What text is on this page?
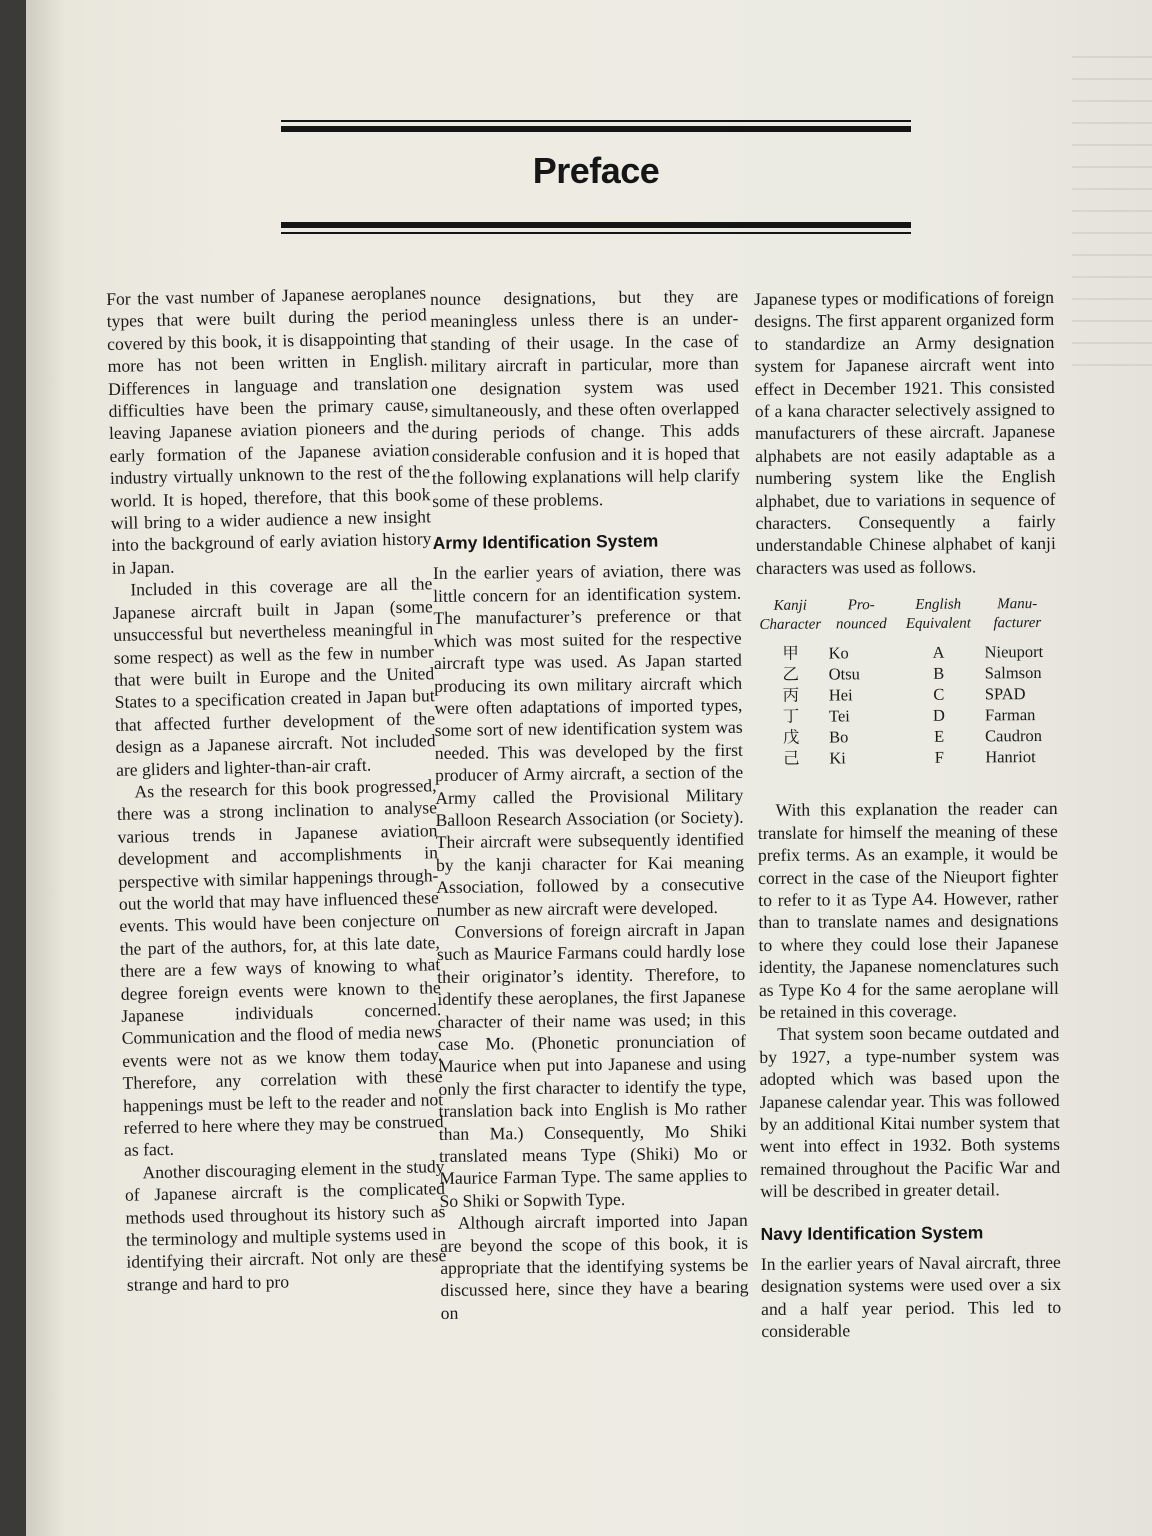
Preface

For the vast number of Japanese aeroplanes types that were built during the period covered by this book, it is disappointing that more has not been written in English. Differences in language and translation difficulties have been the primary cause, leaving Japanese aviation pioneers and the early formation of the Japanese aviation industry virtually unknown to the rest of the world. It is hoped, therefore, that this book will bring to a wider audience a new insight into the background of early aviation history in Japan.

Included in this coverage are all the Japanese aircraft built in Japan (some unsuccessful but nevertheless meaningful in some respect) as well as the few in number that were built in Europe and the United States to a specification created in Japan but that affected further development of the design as a Japanese aircraft. Not included are gliders and lighter-than-air craft.

As the research for this book progressed, there was a strong inclination to analyse various trends in Japanese aviation development and accomplishments in perspective with similar happenings throughout the world that may have influenced these events. This would have been conjecture on the part of the authors, for, at this late date, there are a few ways of knowing to what degree foreign events were known to the Japanese individuals concerned. Communication and the flood of media news events were not as we know them today. Therefore, any correlation with these happenings must be left to the reader and not referred to here where they may be construed as fact.

Another discouraging element in the study of Japanese aircraft is the complicated methods used throughout its history such as the terminology and multiple systems used in identifying their aircraft. Not only are these strange and hard to pro

nounce designations, but they are meaningless unless there is an understanding of their usage. In the case of military aircraft in particular, more than one designation system was used simultaneously, and these often overlapped during periods of change. This adds considerable confusion and it is hoped that the following explanations will help clarify some of these problems.

Army Identification System

In the earlier years of aviation, there was little concern for an identification system. The manufacturer’s preference or that which was most suited for the respective aircraft type was used. As Japan started producing its own military aircraft which were often adaptations of imported types, some sort of new identification system was needed. This was developed by the first producer of Army aircraft, a section of the Army called the Provisional Military Balloon Research Association (or Society). Their aircraft were subsequently identified by the kanji character for Kai meaning Association, followed by a consecutive number as new aircraft were developed.

Conversions of foreign aircraft in Japan such as Maurice Farmans could hardly lose their originator’s identity. Therefore, to identify these aeroplanes, the first Japanese character of their name was used; in this case Mo. (Phonetic pronunciation of Maurice when put into Japanese and using only the first character to identify the type, translation back into English is Mo rather than Ma.) Consequently, Mo Shiki translated means Type (Shiki) Mo or Maurice Farman Type. The same applies to So Shiki or Sopwith Type.

Although aircraft imported into Japan are beyond the scope of this book, it is appropriate that the identifying systems be discussed here, since they have a bearing on

Japanese types or modifications of foreign designs. The first apparent organized form to standardize an Army designation system for Japanese aircraft went into effect in December 1921. This consisted of a kana character selectively assigned to manufacturers of these aircraft. Japanese alphabets are not easily adaptable as a numbering system like the English alphabet, due to variations in sequence of characters. Consequently a fairly understandable Chinese alphabet of kanji characters was used as follows.

Kanji Character	Pro- nounced	English Equivalent	Manu- facturer
甲	Ko	A	Nieuport
乙	Otsu	B	Salmson
丙	Hei	C	SPAD
丁	Tei	D	Farman
戊	Bo	E	Caudron
己	Ki	F	Hanriot

With this explanation the reader can translate for himself the meaning of these prefix terms. As an example, it would be correct in the case of the Nieuport fighter to refer to it as Type A4. However, rather than to translate names and designations to where they could lose their Japanese identity, the Japanese nomenclatures such as Type Ko 4 for the same aeroplane will be retained in this coverage.

That system soon became outdated and by 1927, a type-number system was adopted which was based upon the Japanese calendar year. This was followed by an additional Kitai number system that went into effect in 1932. Both systems remained throughout the Pacific War and will be described in greater detail.

Navy Identification System

In the earlier years of Naval aircraft, three designation systems were used over a six and a half year period. This led to considerable
